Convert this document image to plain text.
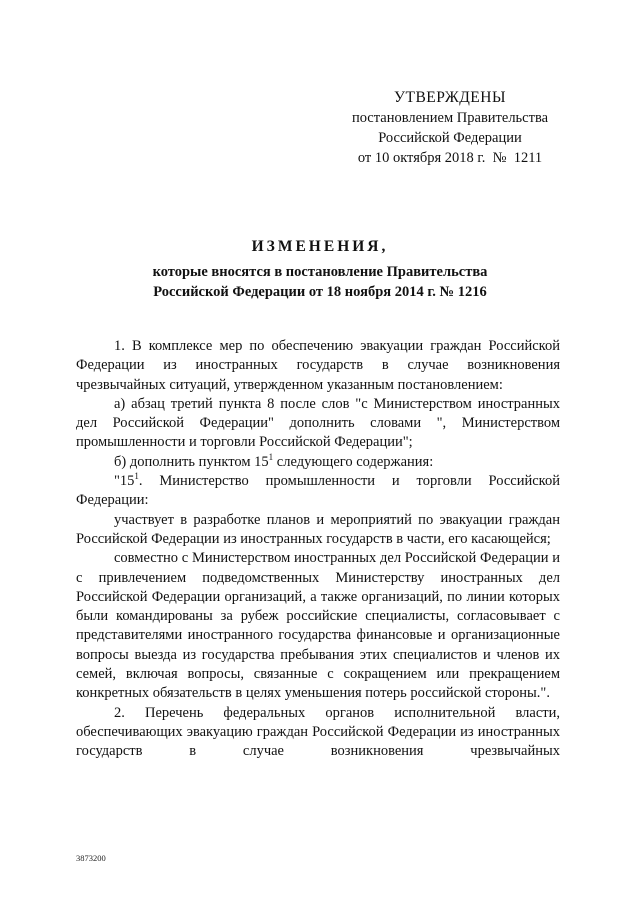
УТВЕРЖДЕНЫ
постановлением Правительства
Российской Федерации
от 10 октября 2018 г.  №  1211
ИЗМЕНЕНИЯ,
которые вносятся в постановление Правительства
Российской Федерации от 18 ноября 2014 г. № 1216

1. В комплексе мер по обеспечению эвакуации граждан Российской Федерации из иностранных государств в случае возникновения чрезвычайных ситуаций, утвержденном указанным постановлением:

а) абзац третий пункта 8 после слов "с Министерством иностранных дел Российской Федерации" дополнить словами ", Министерством промышленности и торговли Российской Федерации";

б) дополнить пунктом $15^1$ следующего содержания:

"$15^1$. Министерство промышленности и торговли Российской Федерации:

участвует в разработке планов и мероприятий по эвакуации граждан Российской Федерации из иностранных государств в части, его касающейся;

совместно с Министерством иностранных дел Российской Федерации и с привлечением подведомственных Министерству иностранных дел Российской Федерации организаций, а также организаций, по линии которых были командированы за рубеж российские специалисты, согласовывает с представителями иностранного государства финансовые и организационные вопросы выезда из государства пребывания этих специалистов и членов их семей, включая вопросы, связанные с сокращением или прекращением конкретных обязательств в целях уменьшения потерь российской стороны.".

2. Перечень федеральных органов исполнительной власти, обеспечивающих эвакуацию граждан Российской Федерации из иностранных государств в случае возникновения чрезвычайных

3873200
